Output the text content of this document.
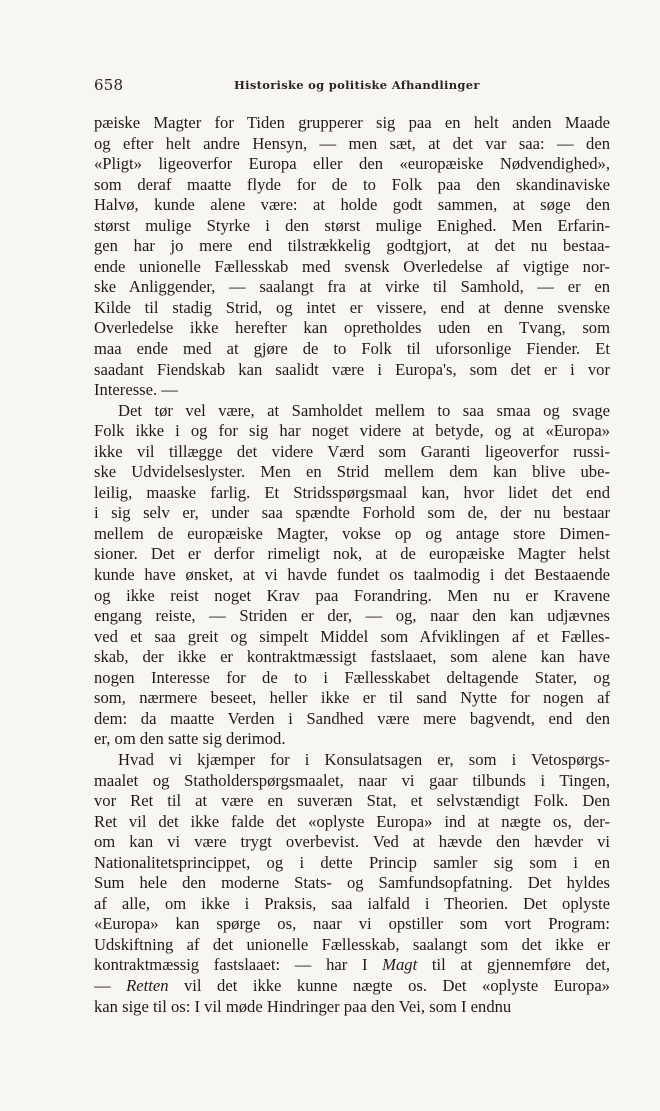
658	Historiske og politiske Afhandlinger
pæiske Magter for Tiden grupperer sig paa en helt anden Maade
og efter helt andre Hensyn, — men sæt, at det var saa: — den
«Pligt» ligeoverfor Europa eller den «europæiske Nødvendighed»,
som deraf maatte flyde for de to Folk paa den skandinaviske
Halvø, kunde alene være: at holde godt sammen, at søge den
størst mulige Styrke i den størst mulige Enighed. Men Erfarin-
gen har jo mere end tilstrækkelig godtgjort, at det nu bestaa-
ende unionelle Fællesskab med svensk Overledelse af vigtige nor-
ske Anliggender, — saalangt fra at virke til Samhold, — er en
Kilde til stadig Strid, og intet er vissere, end at denne svenske
Overledelse ikke herefter kan opretholdes uden en Tvang, som
maa ende med at gjøre de to Folk til uforsonlige Fiender. Et
saadant Fiendskab kan saalidt være i Europa's, som det er i vor
Interesse. —
Det tør vel være, at Samholdet mellem to saa smaa og svage
Folk ikke i og for sig har noget videre at betyde, og at «Europa»
ikke vil tillægge det videre Værd som Garanti ligeoverfor russi-
ske Udvidelseslyster. Men en Strid mellem dem kan blive ube-
leilig, maaske farlig. Et Stridsspørgsmaal kan, hvor lidet det end
i sig selv er, under saa spændte Forhold som de, der nu bestaar
mellem de europæiske Magter, vokse op og antage store Dimen-
sioner. Det er derfor rimeligt nok, at de europæiske Magter helst
kunde have ønsket, at vi havde fundet os taalmodig i det Bestaaende
og ikke reist noget Krav paa Forandring. Men nu er Kravene
engang reiste, — Striden er der, — og, naar den kan udjævnes
ved et saa greit og simpelt Middel som Afviklingen af et Fælles-
skab, der ikke er kontraktmæssigt fastslaaet, som alene kan have
nogen Interesse for de to i Fællesskabet deltagende Stater, og
som, nærmere beseet, heller ikke er til sand Nytte for nogen af
dem: da maatte Verden i Sandhed være mere bagvendt, end den
er, om den satte sig derimod.
Hvad vi kjæmper for i Konsulatsagen er, som i Vetospørgs-
maalet og Statholderspørgsmaalet, naar vi gaar tilbunds i Tingen,
vor Ret til at være en suveræn Stat, et selvstændigt Folk. Den
Ret vil det ikke falde det «oplyste Europa» ind at nægte os, der-
om kan vi være trygt overbevist. Ved at hævde den hævder vi
Nationalitetsprincippet, og i dette Princip samler sig som i en
Sum hele den moderne Stats- og Samfundsopfatning. Det hyldes
af alle, om ikke i Praksis, saa ialfald i Theorien. Det oplyste
«Europa» kan spørge os, naar vi opstiller som vort Program:
Udskiftning af det unionelle Fællesskab, saalangt som det ikke er
kontraktmæssig fastslaaet: — har I Magt til at gjennemføre det,
— Retten vil det ikke kunne nægte os. Det «oplyste Europa»
kan sige til os: I vil møde Hindringer paa den Vei, som I endnu
